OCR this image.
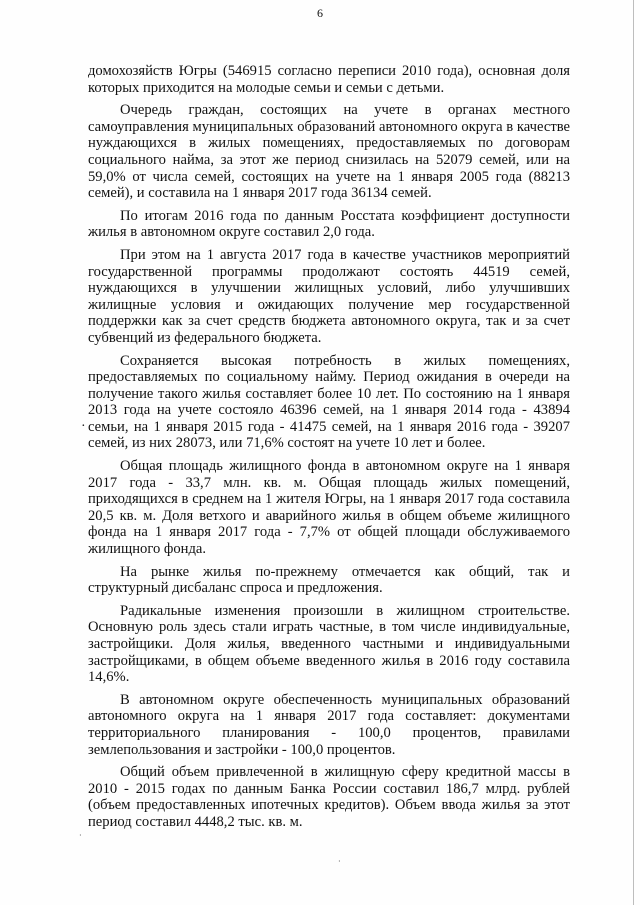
6

домохозяйств Югры (546915 согласно переписи 2010 года), основная доля которых приходится на молодые семьи и семьи с детьми.

Очередь граждан, состоящих на учете в органах местного самоуправления муниципальных образований автономного округа в качестве нуждающихся в жилых помещениях, предоставляемых по договорам социального найма, за этот же период снизилась на 52079 семей, или на 59,0% от числа семей, состоящих на учете на 1 января 2005 года (88213 семей), и составила на 1 января 2017 года 36134 семей.

По итогам 2016 года по данным Росстата коэффициент доступности жилья в автономном округе составил 2,0 года.

При этом на 1 августа 2017 года в качестве участников мероприятий государственной программы продолжают состоять 44519 семей, нуждающихся в улучшении жилищных условий, либо улучшивших жилищные условия и ожидающих получение мер государственной поддержки как за счет средств бюджета автономного округа, так и за счет субвенций из федерального бюджета.

Сохраняется высокая потребность в жилых помещениях, предоставляемых по социальному найму. Период ожидания в очереди на получение такого жилья составляет более 10 лет. По состоянию на 1 января 2013 года на учете состояло 46396 семей, на 1 января 2014 года - 43894 семьи, на 1 января 2015 года - 41475 семей, на 1 января 2016 года - 39207 семей, из них 28073, или 71,6% состоят на учете 10 лет и более.

Общая площадь жилищного фонда в автономном округе на 1 января 2017 года - 33,7 млн. кв. м. Общая площадь жилых помещений, приходящихся в среднем на 1 жителя Югры, на 1 января 2017 года составила 20,5 кв. м. Доля ветхого и аварийного жилья в общем объеме жилищного фонда на 1 января 2017 года - 7,7% от общей площади обслуживаемого жилищного фонда.

На рынке жилья по-прежнему отмечается как общий, так и структурный дисбаланс спроса и предложения.

Радикальные изменения произошли в жилищном строительстве. Основную роль здесь стали играть частные, в том числе индивидуальные, застройщики. Доля жилья, введенного частными и индивидуальными застройщиками, в общем объеме введенного жилья в 2016 году составила 14,6%.

В автономном округе обеспеченность муниципальных образований автономного округа на 1 января 2017 года составляет: документами территориального планирования - 100,0 процентов, правилами землепользования и застройки - 100,0 процентов.

Общий объем привлеченной в жилищную сферу кредитной массы в 2010 - 2015 годах по данным Банка России составил 186,7 млрд. рублей (объем предоставленных ипотечных кредитов). Объем ввода жилья за этот период составил 4448,2 тыс. кв. м.

·
·
·
